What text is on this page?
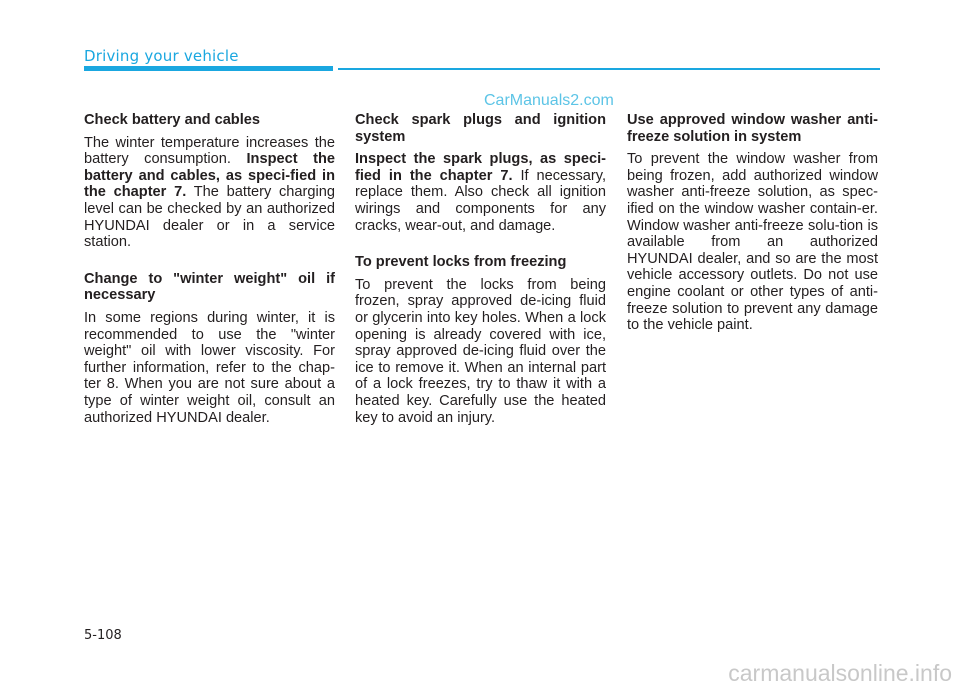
Driving your vehicle
CarManuals2.com
Check battery and cables

The winter temperature increases the battery consumption. Inspect the battery and cables, as speci-fied in the chapter 7. The battery charging level can be checked by an authorized HYUNDAI dealer or in a service station.

Change to "winter weight" oil if necessary

In some regions during winter, it is recommended to use the "winter weight" oil with lower viscosity. For further information, refer to the chap-ter 8. When you are not sure about a type of winter weight oil, consult an authorized HYUNDAI dealer.

Check spark plugs and ignition system

Inspect the spark plugs, as speci-fied in the chapter 7. If necessary, replace them. Also check all ignition wirings and components for any cracks, wear-out, and damage.

To prevent locks from freezing

To prevent the locks from being frozen, spray approved de-icing fluid or glycerin into key holes. When a lock opening is already covered with ice, spray approved de-icing fluid over the ice to remove it. When an internal part of a lock freezes, try to thaw it with a heated key. Carefully use the heated key to avoid an injury.

Use approved window washer anti-freeze solution in system

To prevent the window washer from being frozen, add authorized window washer anti-freeze solution, as spec-ified on the window washer contain-er. Window washer anti-freeze solu-tion is available from an authorized HYUNDAI dealer, and so are the most vehicle accessory outlets. Do not use engine coolant or other types of anti-freeze solution to prevent any damage to the vehicle paint.

5-108
carmanualsonline.info
